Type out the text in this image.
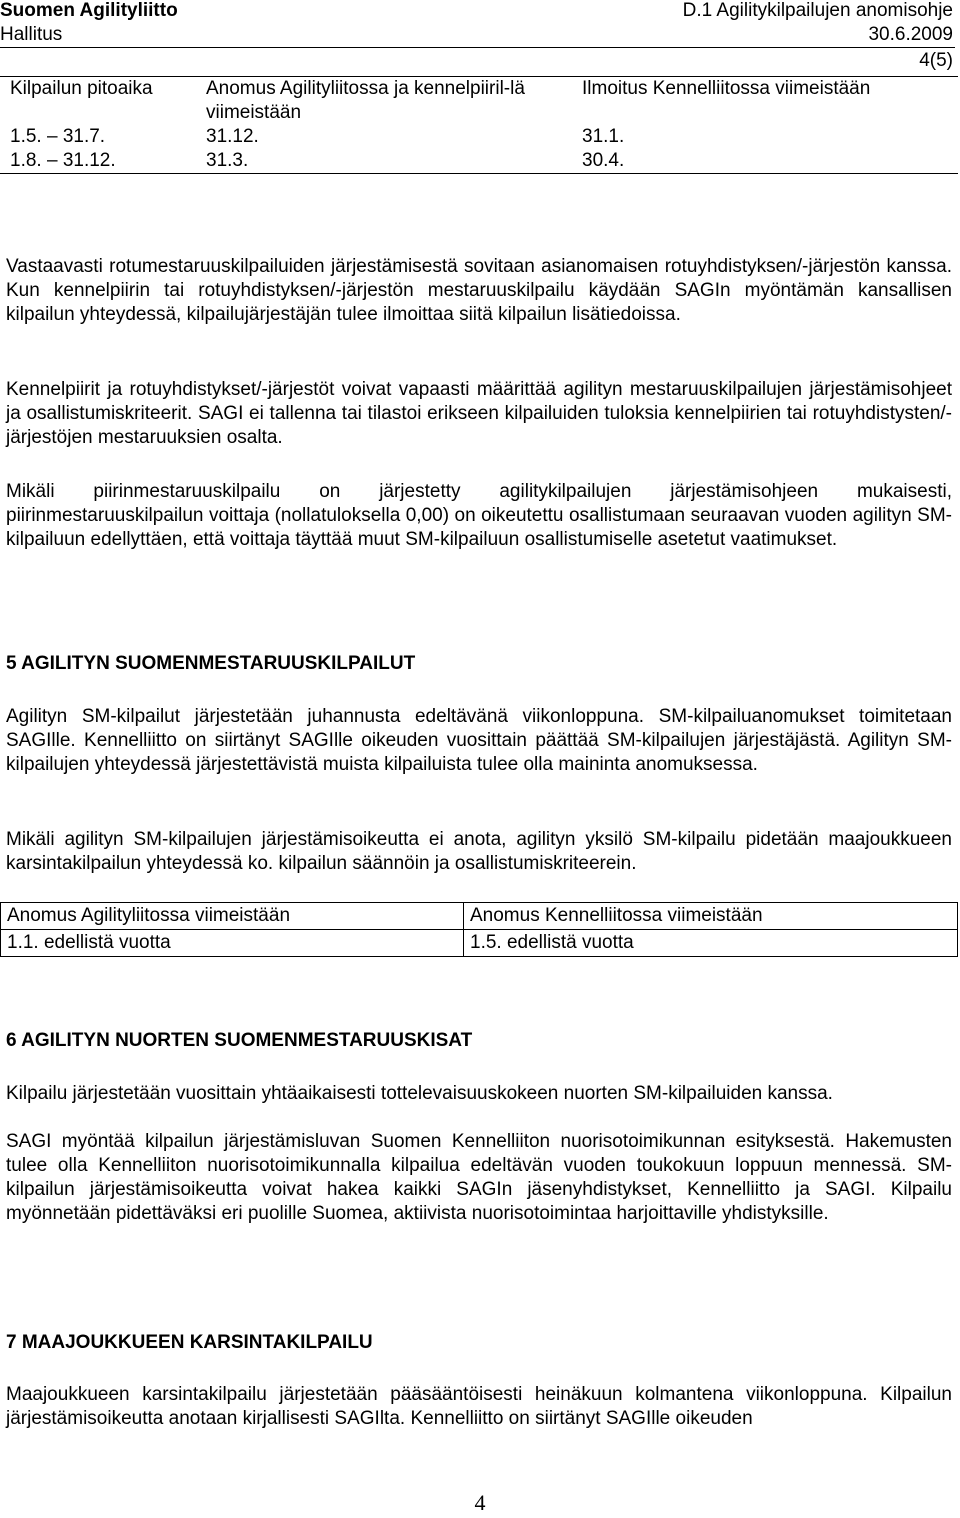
Suomen Agilityliitto	D.1 Agilitykilpailujen anomisohje
Hallitus	30.6.2009
4(5)
Kilpailun pitoaika	Anomus Agilityliitossa ja kennelpiiril-lä viimeistään	Ilmoitus Kennelliitossa viimeistään
1.5. – 31.7.	31.12.	31.1.
1.8. – 31.12.	31.3.	30.4.

Vastaavasti rotumestaruuskilpailuiden järjestämisestä sovitaan asianomaisen rotuyhdistyksen/-järjestön kanssa. Kun kennelpiirin tai rotuyhdistyksen/-järjestön mestaruuskilpailu käydään SAGIn myöntämän kansallisen kilpailun yhteydessä, kilpailujärjestäjän tulee ilmoittaa siitä kilpailun lisätiedoissa.

Kennelpiirit ja rotuyhdistykset/-järjestöt voivat vapaasti määrittää agilityn mestaruuskilpailujen järjestämisohjeet ja osallistumiskriteerit. SAGI ei tallenna tai tilastoi erikseen kilpailuiden tuloksia kennelpiirien tai rotuyhdistysten/-järjestöjen mestaruuksien osalta.

Mikäli piirinmestaruuskilpailu on järjestetty agilitykilpailujen järjestämisohjeen mukaisesti, piirinmestaruuskilpailun voittaja (nollatuloksella 0,00) on oikeutettu osallistumaan seuraavan vuoden agilityn SM-kilpailuun edellyttäen, että voittaja täyttää muut SM-kilpailuun osallistumiselle asetetut vaatimukset.

5 AGILITYN SUOMENMESTARUUSKILPAILUT

Agilityn SM-kilpailut järjestetään juhannusta edeltävänä viikonloppuna. SM-kilpailuanomukset toimitetaan SAGIlle. Kennelliitto on siirtänyt SAGIlle oikeuden vuosittain päättää SM-kilpailujen järjestäjästä. Agilityn SM-kilpailujen yhteydessä järjestettävistä muista kilpailuista tulee olla maininta anomuksessa.

Mikäli agilityn SM-kilpailujen järjestämisoikeutta ei anota, agilityn yksilö SM-kilpailu pidetään maajoukkueen karsintakilpailun yhteydessä ko. kilpailun säännöin ja osallistumiskriteerein.

Anomus Agilityliitossa viimeistään	Anomus Kennelliitossa viimeistään
1.1. edellistä vuotta	1.5. edellistä vuotta
6 AGILITYN NUORTEN SUOMENMESTARUUSKISAT

Kilpailu järjestetään vuosittain yhtäaikaisesti tottelevaisuuskokeen nuorten SM-kilpailuiden kanssa.

SAGI myöntää kilpailun järjestämisluvan Suomen Kennelliiton nuorisotoimikunnan esityksestä. Hakemusten tulee olla Kennelliiton nuorisotoimikunnalla kilpailua edeltävän vuoden toukokuun loppuun mennessä. SM-kilpailun järjestämisoikeutta voivat hakea kaikki SAGIn jäsenyhdistykset, Kennelliitto ja SAGI. Kilpailu myönnetään pidettäväksi eri puolille Suomea, aktiivista nuorisotoimintaa harjoittaville yhdistyksille.

7 MAAJOUKKUEEN KARSINTAKILPAILU

Maajoukkueen karsintakilpailu järjestetään pääsääntöisesti heinäkuun kolmantena viikonloppuna. Kilpailun järjestämisoikeutta anotaan kirjallisesti SAGIlta. Kennelliitto on siirtänyt SAGIlle oikeuden

4
